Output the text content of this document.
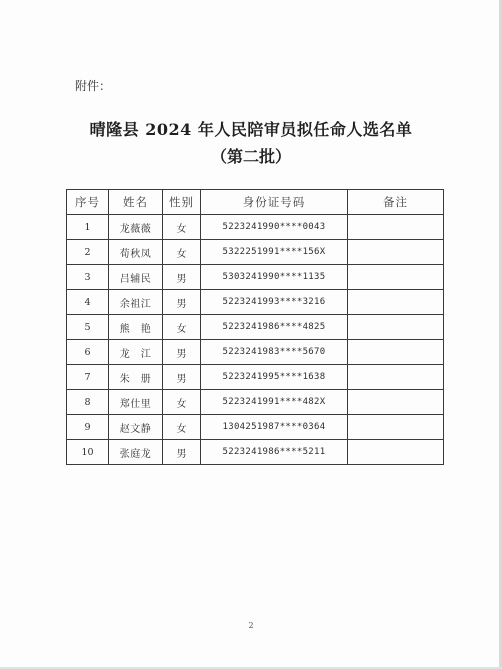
附件：
晴隆县 2024 年人民陪审员拟任命人选名单
（第二批）
序号	姓名	性别	身份证号码	备注
1	龙薇薇	女	5223241990****0043	
2	荀秋凤	女	5322251991****156X	
3	吕辅民	男	5303241990****1135	
4	余祖江	男	5223241993****3216	
5	熊　艳	女	5223241986****4825	
6	龙　江	男	5223241983****5670	
7	朱　册	男	5223241995****1638	
8	郑仕里	女	5223241991****482X	
9	赵文静	女	1304251987****0364	
10	张庭龙	男	5223241986****5211	
2
